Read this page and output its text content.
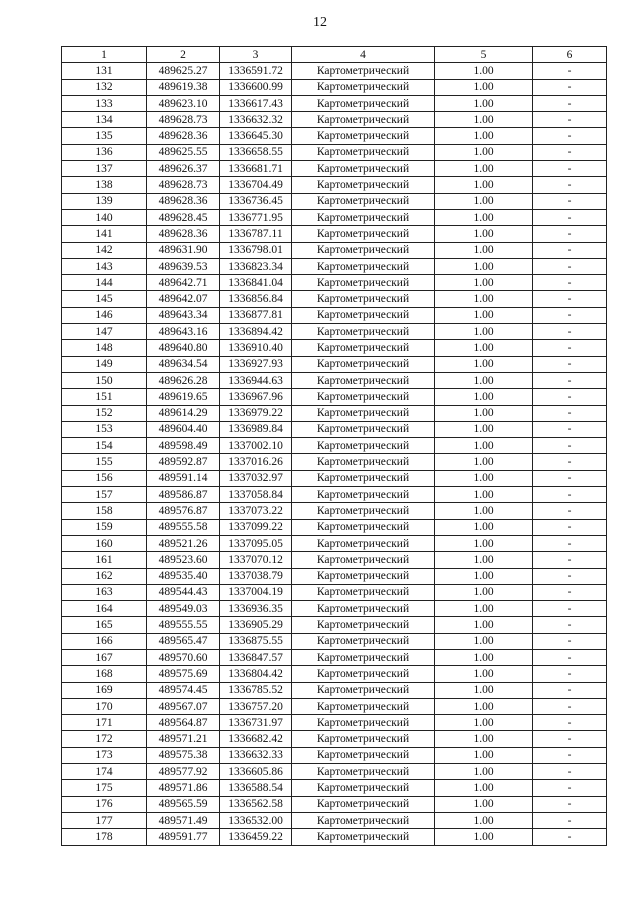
12
1	2	3	4	5	6
131	489625.27	1336591.72	Картометрический	1.00	-
132	489619.38	1336600.99	Картометрический	1.00	-
133	489623.10	1336617.43	Картометрический	1.00	-
134	489628.73	1336632.32	Картометрический	1.00	-
135	489628.36	1336645.30	Картометрический	1.00	-
136	489625.55	1336658.55	Картометрический	1.00	-
137	489626.37	1336681.71	Картометрический	1.00	-
138	489628.73	1336704.49	Картометрический	1.00	-
139	489628.36	1336736.45	Картометрический	1.00	-
140	489628.45	1336771.95	Картометрический	1.00	-
141	489628.36	1336787.11	Картометрический	1.00	-
142	489631.90	1336798.01	Картометрический	1.00	-
143	489639.53	1336823.34	Картометрический	1.00	-
144	489642.71	1336841.04	Картометрический	1.00	-
145	489642.07	1336856.84	Картометрический	1.00	-
146	489643.34	1336877.81	Картометрический	1.00	-
147	489643.16	1336894.42	Картометрический	1.00	-
148	489640.80	1336910.40	Картометрический	1.00	-
149	489634.54	1336927.93	Картометрический	1.00	-
150	489626.28	1336944.63	Картометрический	1.00	-
151	489619.65	1336967.96	Картометрический	1.00	-
152	489614.29	1336979.22	Картометрический	1.00	-
153	489604.40	1336989.84	Картометрический	1.00	-
154	489598.49	1337002.10	Картометрический	1.00	-
155	489592.87	1337016.26	Картометрический	1.00	-
156	489591.14	1337032.97	Картометрический	1.00	-
157	489586.87	1337058.84	Картометрический	1.00	-
158	489576.87	1337073.22	Картометрический	1.00	-
159	489555.58	1337099.22	Картометрический	1.00	-
160	489521.26	1337095.05	Картометрический	1.00	-
161	489523.60	1337070.12	Картометрический	1.00	-
162	489535.40	1337038.79	Картометрический	1.00	-
163	489544.43	1337004.19	Картометрический	1.00	-
164	489549.03	1336936.35	Картометрический	1.00	-
165	489555.55	1336905.29	Картометрический	1.00	-
166	489565.47	1336875.55	Картометрический	1.00	-
167	489570.60	1336847.57	Картометрический	1.00	-
168	489575.69	1336804.42	Картометрический	1.00	-
169	489574.45	1336785.52	Картометрический	1.00	-
170	489567.07	1336757.20	Картометрический	1.00	-
171	489564.87	1336731.97	Картометрический	1.00	-
172	489571.21	1336682.42	Картометрический	1.00	-
173	489575.38	1336632.33	Картометрический	1.00	-
174	489577.92	1336605.86	Картометрический	1.00	-
175	489571.86	1336588.54	Картометрический	1.00	-
176	489565.59	1336562.58	Картометрический	1.00	-
177	489571.49	1336532.00	Картометрический	1.00	-
178	489591.77	1336459.22	Картометрический	1.00	-
